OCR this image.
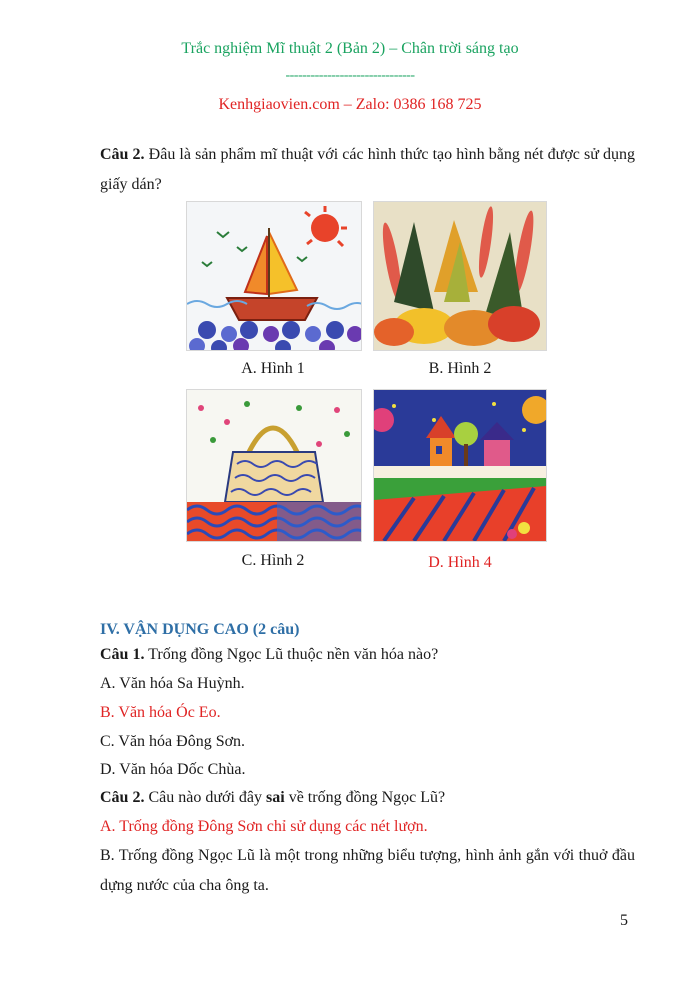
Trắc nghiệm Mĩ thuật 2 (Bản 2) – Chân trời sáng tạo
-------------------------------
Kenhgiaovien.com – Zalo: 0386 168 725
Câu 2. Đâu là sản phẩm mĩ thuật với các hình thức tạo hình bằng nét được sử dụng giấy dán?
A. Hình 1	B. Hình 2
C. Hình 2	D. Hình 4
IV. VẬN DỤNG CAO (2 câu)
Câu 1. Trống đồng Ngọc Lũ thuộc nền văn hóa nào?
A. Văn hóa Sa Huỳnh.
B. Văn hóa Óc Eo.
C. Văn hóa Đông Sơn.
D. Văn hóa Dốc Chùa.
Câu 2. Câu nào dưới đây sai về trống đồng Ngọc Lũ?
A. Trống đồng Đông Sơn chỉ sử dụng các nét lượn.
B. Trống đồng Ngọc Lũ là một trong những biểu tượng, hình ảnh gắn với thuở đầu dựng nước của cha ông ta.
5
